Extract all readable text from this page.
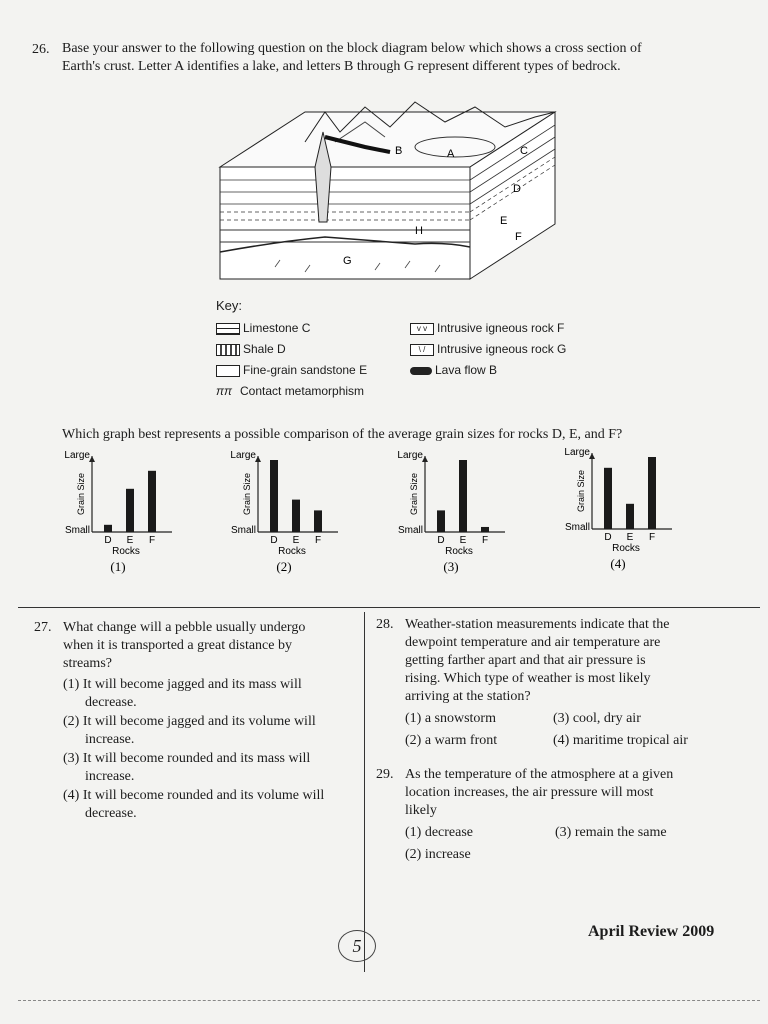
26. Base your answer to the following question on the block diagram below which shows a cross section of
Earth's crust. Letter A identifies a lake, and letters B through G represent different types of bedrock.
B	A	C
D
E
F
H
G
Key:
Limestone C
Shale D
Fine-grain sandstone E
ππ Contact metamorphism
v v Intrusive igneous rock F
\ / Intrusive igneous rock G
Lava flow B
Which graph best represents a possible comparison of the average grain sizes for rocks D, E, and F?
Large
Small
Grain Size
D E F
Rocks
(1)
Large
Small
Grain Size
D E F
Rocks
(2)
Large
Small
Grain Size
D E F
Rocks
(3)
Large
Small
Grain Size
D E F
Rocks
(4)
27. What change will a pebble usually undergo
when it is transported a great distance by
streams?
(1) It will become jagged and its mass will
decrease.
(2) It will become jagged and its volume will
increase.
(3) It will become rounded and its mass will
increase.
(4) It will become rounded and its volume will
decrease.
28. Weather-station measurements indicate that the
dewpoint temperature and air temperature are
getting farther apart and that air pressure is
rising. Which type of weather is most likely
arriving at the station?
(1) a snowstorm
(2) a warm front
(3) cool, dry air
(4) maritime tropical air
29. As the temperature of the atmosphere at a given
location increases, the air pressure will most
likely
(1) decrease
(2) increase
(3) remain the same
5
April Review 2009
